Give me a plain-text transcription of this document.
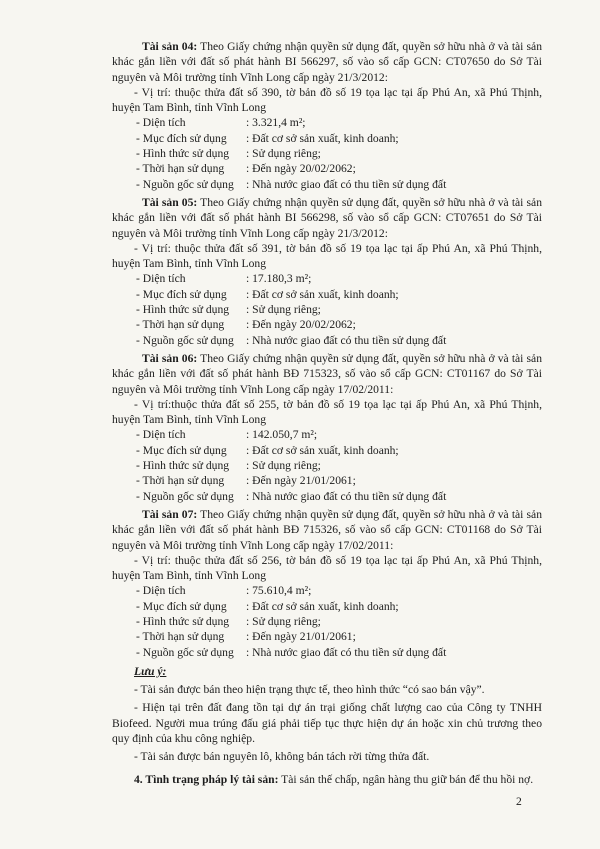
Tài sản 04: Theo Giấy chứng nhận quyền sử dụng đất, quyền sở hữu nhà ở và tài sản khác gắn liền với đất số phát hành BI 566297, số vào sổ cấp GCN: CT07650 do Sở Tài nguyên và Môi trường tỉnh Vĩnh Long cấp ngày 21/3/2012:

- Vị trí: thuộc thửa đất số 390, tờ bản đồ số 19 tọa lạc tại ấp Phú An, xã Phú Thịnh, huyện Tam Bình, tỉnh Vĩnh Long

- Diện tích	: 3.321,4 m²;
- Mục đích sử dụng	: Đất cơ sở sản xuất, kinh doanh;
- Hình thức sử dụng	: Sử dụng riêng;
- Thời hạn sử dụng	: Đến ngày 20/02/2062;
- Nguồn gốc sử dụng	: Nhà nước giao đất có thu tiền sử dụng đất

Tài sản 05: Theo Giấy chứng nhận quyền sử dụng đất, quyền sở hữu nhà ở và tài sản khác gắn liền với đất số phát hành BI 566298, số vào sổ cấp GCN: CT07651 do Sở Tài nguyên và Môi trường tỉnh Vĩnh Long cấp ngày 21/3/2012:

- Vị trí: thuộc thửa đất số 391, tờ bản đồ số 19 tọa lạc tại ấp Phú An, xã Phú Thịnh, huyện Tam Bình, tỉnh Vĩnh Long

- Diện tích	: 17.180,3 m²;
- Mục đích sử dụng	: Đất cơ sở sản xuất, kinh doanh;
- Hình thức sử dụng	: Sử dụng riêng;
- Thời hạn sử dụng	: Đến ngày 20/02/2062;
- Nguồn gốc sử dụng	: Nhà nước giao đất có thu tiền sử dụng đất

Tài sản 06: Theo Giấy chứng nhận quyền sử dụng đất, quyền sở hữu nhà ở và tài sản khác gắn liền với đất số phát hành BĐ 715323, số vào sổ cấp GCN: CT01167 do Sở Tài nguyên và Môi trường tỉnh Vĩnh Long cấp ngày 17/02/2011:

- Vị trí:thuộc thửa đất số 255, tờ bản đồ số 19 tọa lạc tại ấp Phú An, xã Phú Thịnh, huyện Tam Bình, tỉnh Vĩnh Long

- Diện tích	: 142.050,7 m²;
- Mục đích sử dụng	: Đất cơ sở sản xuất, kinh doanh;
- Hình thức sử dụng	: Sử dụng riêng;
- Thời hạn sử dụng	: Đến ngày 21/01/2061;
- Nguồn gốc sử dụng	: Nhà nước giao đất có thu tiền sử dụng đất

Tài sản 07: Theo Giấy chứng nhận quyền sử dụng đất, quyền sở hữu nhà ở và tài sản khác gắn liền với đất số phát hành BĐ 715326, số vào sổ cấp GCN: CT01168 do Sở Tài nguyên và Môi trường tỉnh Vĩnh Long cấp ngày 17/02/2011:

- Vị trí: thuộc thửa đất số 256, tờ bản đồ số 19 tọa lạc tại ấp Phú An, xã Phú Thịnh, huyện Tam Bình, tỉnh Vĩnh Long

- Diện tích	: 75.610,4 m²;
- Mục đích sử dụng	: Đất cơ sở sản xuất, kinh doanh;
- Hình thức sử dụng	: Sử dụng riêng;
- Thời hạn sử dụng	: Đến ngày 21/01/2061;
- Nguồn gốc sử dụng	: Nhà nước giao đất có thu tiền sử dụng đất

Lưu ý:

- Tài sản được bán theo hiện trạng thực tế, theo hình thức “có sao bán vậy”.

- Hiện tại trên đất đang tồn tại dự án trại giống chất lượng cao của Công ty TNHH Biofeed. Người mua trúng đấu giá phải tiếp tục thực hiện dự án hoặc xin chủ trương theo quy định của khu công nghiệp.

- Tài sản được bán nguyên lô, không bán tách rời từng thửa đất.

4. Tình trạng pháp lý tài sản: Tài sản thế chấp, ngân hàng thu giữ bán để thu hồi nợ.

2
